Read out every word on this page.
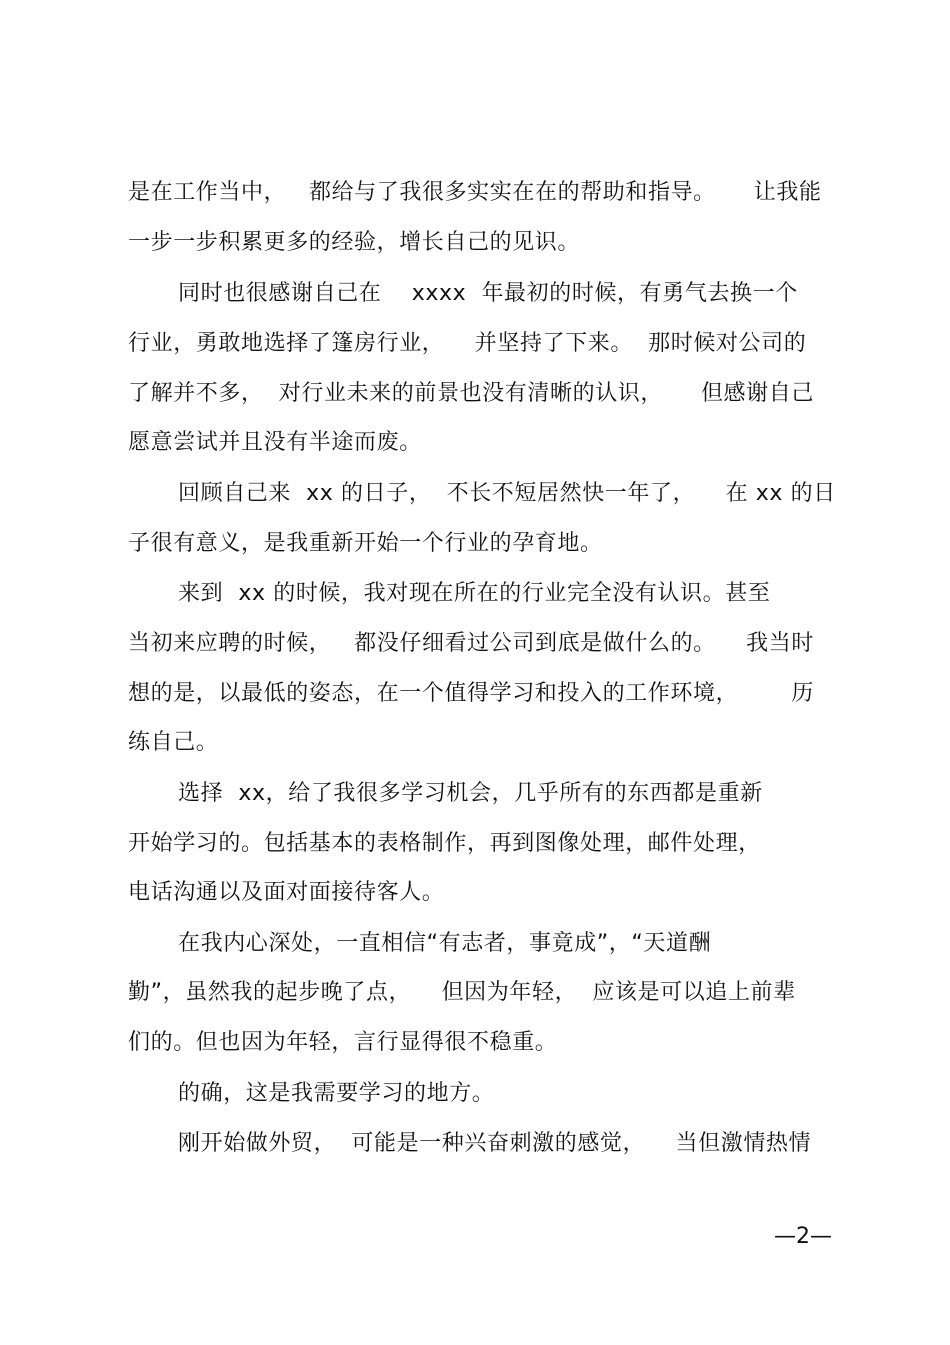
是在工作当中，   都给与了我很多实实在在的帮助和指导。     让我能
一步一步积累更多的经验，增长自己的见识。
同时也很感谢自己在    xxxx  年最初的时候，有勇气去换一个
行业，勇敢地选择了篷房行业，    并坚持了下来。  那时候对公司的
了解并不多，  对行业未来的前景也没有清晰的认识，     但感谢自己
愿意尝试并且没有半途而废。
回顾自己来  xx 的日子，  不长不短居然快一年了，    在 xx 的日
子很有意义，是我重新开始一个行业的孕育地。
来到  xx 的时候，我对现在所在的行业完全没有认识。甚至
当初来应聘的时候，   都没仔细看过公司到底是做什么的。    我当时
想的是，以最低的姿态，在一个值得学习和投入的工作环境，       历
练自己。
选择  xx，给了我很多学习机会，几乎所有的东西都是重新
开始学习的。包括基本的表格制作，再到图像处理，邮件处理，
电话沟通以及面对面接待客人。
在我内心深处，一直相信“有志者，事竟成”，“天道酬
勤”，虽然我的起步晚了点，    但因为年轻，  应该是可以追上前辈
们的。但也因为年轻，言行显得很不稳重。
的确，这是我需要学习的地方。
刚开始做外贸，  可能是一种兴奋刺激的感觉，    当但激情热情
—2—
